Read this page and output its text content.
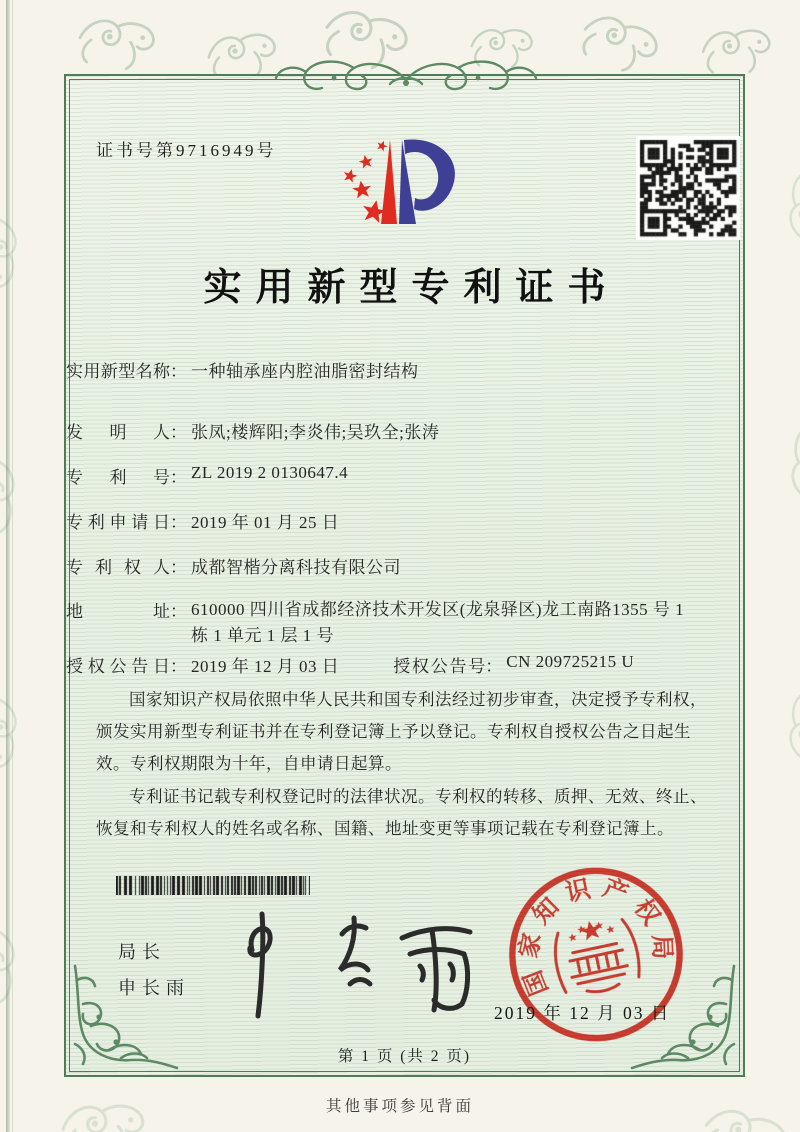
证书号第9716949号
实用新型专利证书
实用新型名称 ： 一种轴承座内腔油脂密封结构
发明人 ： 张凤;楼辉阳;李炎伟;吴玖全;张涛
专利号 ： ZL 2019 2 0130647.4
专利申请日 ： 2019 年 01 月 25 日
专利权人 ： 成都智楷分离科技有限公司
地址 ： 610000 四川省成都经济技术开发区(龙泉驿区)龙工南路1355 号 1 栋 1 单元 1 层 1 号
授权公告日 ： 2019 年 12 月 03 日	授权公告号 ： CN 209725215 U

国家知识产权局依照中华人民共和国专利法经过初步审查，决定授予专利权，颁发实用新型专利证书并在专利登记簿上予以登记。专利权自授权公告之日起生效。专利权期限为十年，自申请日起算。

专利证书记载专利权登记时的法律状况。专利权的转移、质押、无效、终止、恢复和专利权人的姓名或名称、国籍、地址变更等事项记载在专利登记簿上。

局长
申长雨	国家知识产权局
2019 年 12 月 03 日
第 1 页 (共 2 页)
其他事项参见背面
